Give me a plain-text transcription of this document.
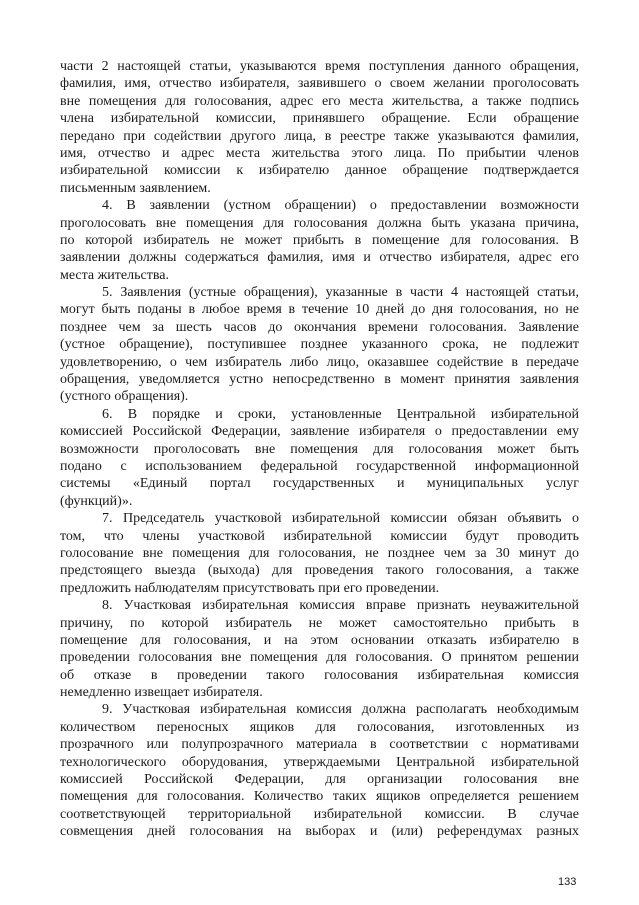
части 2 настоящей статьи, указываются время поступления данного обращения,
фамилия, имя, отчество избирателя, заявившего о своем желании проголосовать
вне помещения для голосования, адрес его места жительства, а также подпись
члена избирательной комиссии, принявшего обращение. Если обращение
передано при содействии другого лица, в реестре также указываются фамилия,
имя, отчество и адрес места жительства этого лица. По прибытии членов
избирательной комиссии к избирателю данное обращение подтверждается
письменным заявлением.
4. В заявлении (устном обращении) о предоставлении возможности
проголосовать вне помещения для голосования должна быть указана причина,
по которой избиратель не может прибыть в помещение для голосования. В
заявлении должны содержаться фамилия, имя и отчество избирателя, адрес его
места жительства.
5. Заявления (устные обращения), указанные в части 4 настоящей статьи,
могут быть поданы в любое время в течение 10 дней до дня голосования, но не
позднее чем за шесть часов до окончания времени голосования. Заявление
(устное обращение), поступившее позднее указанного срока, не подлежит
удовлетворению, о чем избиратель либо лицо, оказавшее содействие в передаче
обращения, уведомляется устно непосредственно в момент принятия заявления
(устного обращения).
6. В порядке и сроки, установленные Центральной избирательной
комиссией Российской Федерации, заявление избирателя о предоставлении ему
возможности проголосовать вне помещения для голосования может быть
подано с использованием федеральной государственной информационной
системы «Единый портал государственных и муниципальных услуг
(функций)».
7. Председатель участковой избирательной комиссии обязан объявить о
том, что члены участковой избирательной комиссии будут проводить
голосование вне помещения для голосования, не позднее чем за 30 минут до
предстоящего выезда (выхода) для проведения такого голосования, а также
предложить наблюдателям присутствовать при его проведении.
8. Участковая избирательная комиссия вправе признать неуважительной
причину, по которой избиратель не может самостоятельно прибыть в
помещение для голосования, и на этом основании отказать избирателю в
проведении голосования вне помещения для голосования. О принятом решении
об отказе в проведении такого голосования избирательная комиссия
немедленно извещает избирателя.
9. Участковая избирательная комиссия должна располагать необходимым
количеством переносных ящиков для голосования, изготовленных из
прозрачного или полупрозрачного материала в соответствии с нормативами
технологического оборудования, утверждаемыми Центральной избирательной
комиссией Российской Федерации, для организации голосования вне
помещения для голосования. Количество таких ящиков определяется решением
соответствующей территориальной избирательной комиссии. В случае
совмещения дней голосования на выборах и (или) референдумах разных
133
